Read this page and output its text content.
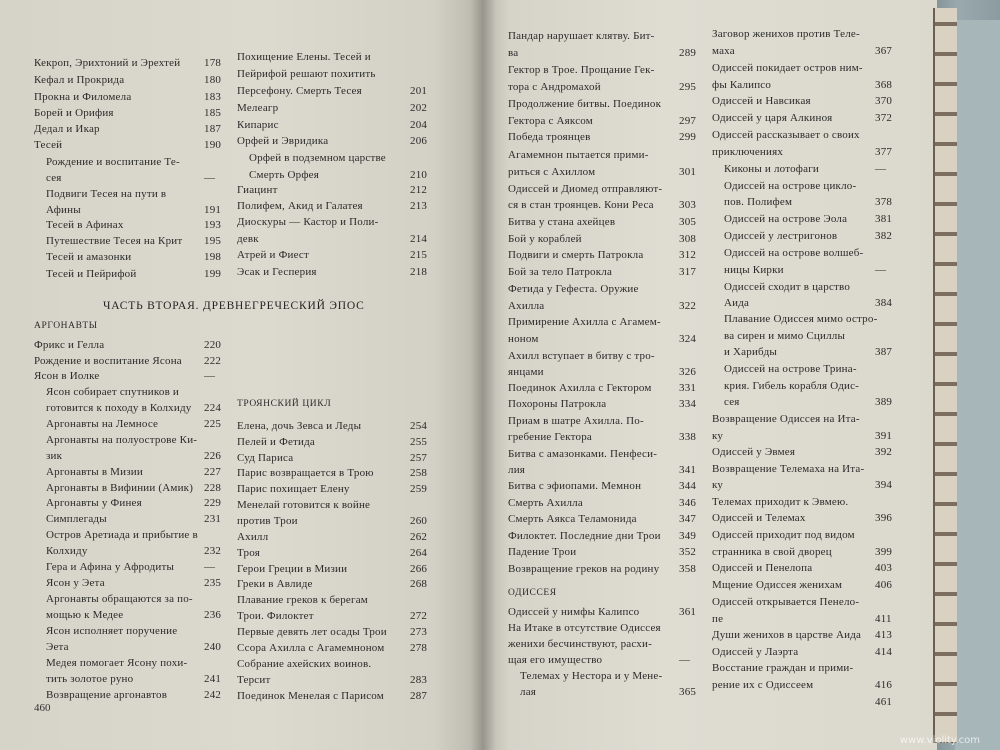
Кекроп, Эрихтоний и Эрехтей 178
Кефал и Прокрида	180
Прокна и Филомела	183
Борей и Орифия	185
Дедал и Икар	187
Тесей	190
Рождение и воспитание Те-
сея	—
Подвиги Тесея на пути в
Афины	191
Тесей в Афинах	193
Путешествие Тесея на Крит 195
Тесей и амазонки	198
Тесей и Пейрифой	199
Похищение Елены. Тесей и
Пейрифой решают похитить
Персефону. Смерть Тесея	201
Мелеагр	202
Кипарис	204
Орфей и Эвридика	206
Орфей в подземном царстве
Смерть Орфея	210
Гиацинт	212
Полифем, Акид и Галатея	213
Диоскуры — Кастор и Поли-
девк	214
Атрей и Фиест	215
Эсак и Гесперия	218
ЧАСТЬ ВТОРАЯ. ДРЕВНЕГРЕЧЕСКИЙ ЭПОС
АРГОНАВТЫ
Фрикс и Гелла	220
Рождение и воспитание Ясона 222
Ясон в Иолке	—
Ясон собирает спутников и
готовится к походу в Колхиду 224
Аргонавты на Лемносе	225
Аргонавты на полуострове Ки-
зик	226
Аргонавты в Мизии	227
Аргонавты в Вифинии (Амик) 228
Аргонавты у Финея	229
Симплегады	231
Остров Аретиада и прибытие в
Колхиду	232
Гера и Афина у Афродиты	—
Ясон у Эета	235
Аргонавты обращаются за по-
мощью к Медее	236
Ясон исполняет поручение
Эета	240
Медея помогает Ясону похи-
тить золотое руно	241
Возвращение аргонавтов	242
ТРОЯНСКИЙ ЦИКЛ
Елена, дочь Зевса и Леды	254
Пелей и Фетида	255
Суд Париса	257
Парис возвращается в Трою	258
Парис похищает Елену	259
Менелай готовится к войне
против Трои	260
Ахилл	262
Троя	264
Герои Греции в Мизии	266
Греки в Авлиде	268
Плавание греков к берегам
Трои. Филоктет	272
Первые девять лет осады Трои 273
Ссора Ахилла с Агамемноном 278
Собрание ахейских воинов.
Терсит	283
Поединок Менелая с Парисом 287
460
Пандар нарушает клятву. Бит-
ва	289
Гектор в Трое. Прощание Гек-
тора с Андромахой	295
Продолжение битвы. Поединок
Гектора с Аяксом	297
Победа троянцев	299
Агамемнон пытается прими-
риться с Ахиллом	301
Одиссей и Диомед отправляют-
ся в стан троянцев. Кони Реса 303
Битва у стана ахейцев	305
Бой у кораблей	308
Подвиги и смерть Патрокла	312
Бой за тело Патрокла	317
Фетида у Гефеста. Оружие
Ахилла	322
Примирение Ахилла с Агамем-
ноном	324
Ахилл вступает в битву с тро-
янцами	326
Поединок Ахилла с Гектором 331
Похороны Патрокла	334
Приам в шатре Ахилла. По-
гребение Гектора	338
Битва с амазонками. Пенфеси-
лия	341
Битва с эфиопами. Мемнон	344
Смерть Ахилла	346
Смерть Аякса Теламонида	347
Филоктет. Последние дни Трои 349
Падение Трои	352
Возвращение греков на родину 358
ОДИССЕЯ
Одиссей у нимфы Калипсо	361
На Итаке в отсутствие Одиссея
женихи бесчинствуют, расхи-
щая его имущество	—
Телемах у Нестора и у Мене-
лая	365
Заговор женихов против Теле-
маха	367
Одиссей покидает остров ним-
фы Калипсо	368
Одиссей и Навсикая	370
Одиссей у царя Алкиноя	372
Одиссей рассказывает о своих
приключениях	377
Киконы и лотофаги	—
Одиссей на острове цикло-
пов. Полифем	378
Одиссей на острове Эола	381
Одиссей у лестригонов	382
Одиссей на острове волшеб-
ницы Кирки	—
Одиссей сходит в царство
Аида	384
Плавание Одиссея мимо остро-
ва сирен и мимо Сциллы
и Харибды	387
Одиссей на острове Трина-
крия. Гибель корабля Одис-
сея	389
Возвращение Одиссея на Ита-
ку	391
Одиссей у Эвмея	392
Возвращение Телемаха на Ита-
ку	394
Телемах приходит к Эвмею.
Одиссей и Телемах	396
Одиссей приходит под видом
странника в свой дворец	399
Одиссей и Пенелопа	403
Мщение Одиссея женихам	406
Одиссей открывается Пенело-
пе	411
Души женихов в царстве Аида 413
Одиссей у Лаэрта	414
Восстание граждан и прими-
рение их с Одиссеем	416
461
www.violity.com
